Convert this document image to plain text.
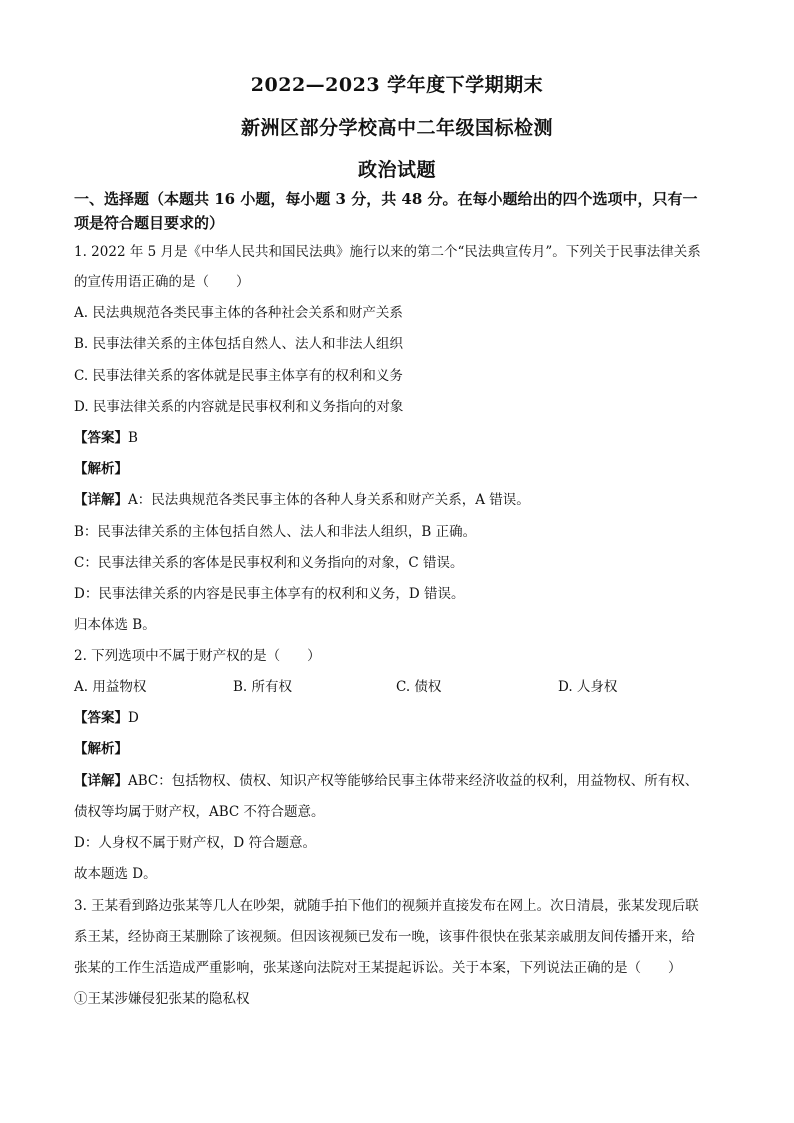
2022—2023 学年度下学期期末
新洲区部分学校高中二年级国标检测
政治试题
一、选择题（本题共 16 小题，每小题 3 分，共 48 分。在每小题给出的四个选项中，只有一
项是符合题目要求的）
1. 2022 年 5 月是《中华人民共和国民法典》施行以来的第二个“民法典宣传月”。下列关于民事法律关系
的宣传用语正确的是（　　）
A. 民法典规范各类民事主体的各种社会关系和财产关系
B. 民事法律关系的主体包括自然人、法人和非法人组织
C. 民事法律关系的客体就是民事主体享有的权利和义务
D. 民事法律关系的内容就是民事权利和义务指向的对象
【答案】B
【解析】
【详解】A：民法典规范各类民事主体的各种人身关系和财产关系，A 错误。
B：民事法律关系的主体包括自然人、法人和非法人组织，B 正确。
C：民事法律关系的客体是民事权利和义务指向的对象，C 错误。
D：民事法律关系的内容是民事主体享有的权利和义务，D 错误。
归本体选 B。
2. 下列选项中不属于财产权的是（　　）
A. 用益物权	B. 所有权	C. 债权	D. 人身权
【答案】D
【解析】
【详解】ABC：包括物权、债权、知识产权等能够给民事主体带来经济收益的权利，用益物权、所有权、
债权等均属于财产权，ABC 不符合题意。
D：人身权不属于财产权，D 符合题意。
故本题选 D。
3. 王某看到路边张某等几人在吵架，就随手拍下他们的视频并直接发布在网上。次日清晨，张某发现后联
系王某，经协商王某删除了该视频。但因该视频已发布一晚，该事件很快在张某亲戚朋友间传播开来，给
张某的工作生活造成严重影响，张某遂向法院对王某提起诉讼。关于本案，下列说法正确的是（　　）
①王某涉嫌侵犯张某的隐私权
